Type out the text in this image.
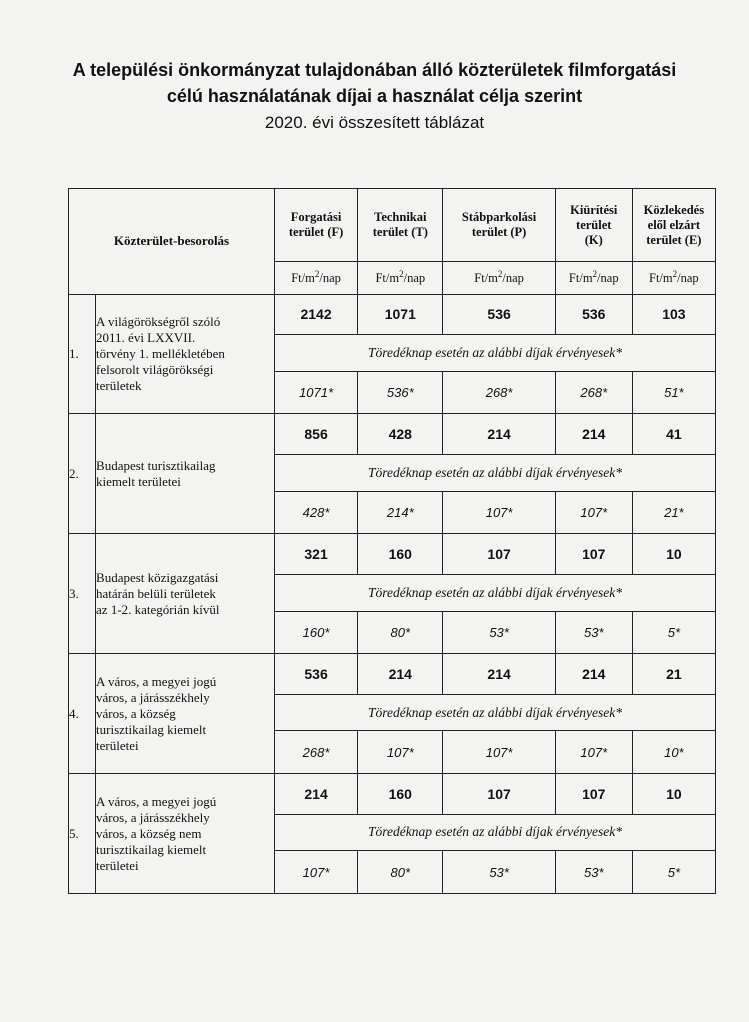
A települési önkormányzat tulajdonában álló közterületek filmforgatási
célú használatának díjai a használat célja szerint
2020. évi összesített táblázat
Közterület-besorolás		Forgatási
terület (F)	Technikai
terület (T)	Stábparkolási
terület (P)	Kiürítési
terület
(K)	Közlekedés
elől elzárt
terület (E)

		$Ft/m^2$/nap	$Ft/m^2$/nap	$Ft/m^2$/nap	$Ft/m^2$/nap	$Ft/m^2$/nap
1.	A világörökségről szóló
2011. évi LXXVII.
törvény 1. mellékletében
felsorolt világörökségi
területek	2142	1071	536	536	103
		Töredéknap esetén az alábbi díjak érvényesek*				
		1071*	536*	268*	268*	51*
2.	Budapest turisztikailag
kiemelt területei	856	428	214	214	41
		Töredéknap esetén az alábbi díjak érvényesek*				
		428*	214*	107*	107*	21*
3.	Budapest közigazgatási
határán belüli területek
az 1-2. kategórián kívül	321	160	107	107	10
		Töredéknap esetén az alábbi díjak érvényesek*				
		160*	80*	53*	53*	5*
4.	A város, a megyei jogú
város, a járásszékhely
város, a község
turisztikailag kiemelt
területei	536	214	214	214	21
		Töredéknap esetén az alábbi díjak érvényesek*				
		268*	107*	107*	107*	10*
5.	A város, a megyei jogú
város, a járásszékhely
város, a község nem
turisztikailag kiemelt
területei	214	160	107	107	10
		Töredéknap esetén az alábbi díjak érvényesek*				
		107*	80*	53*	53*	5*
